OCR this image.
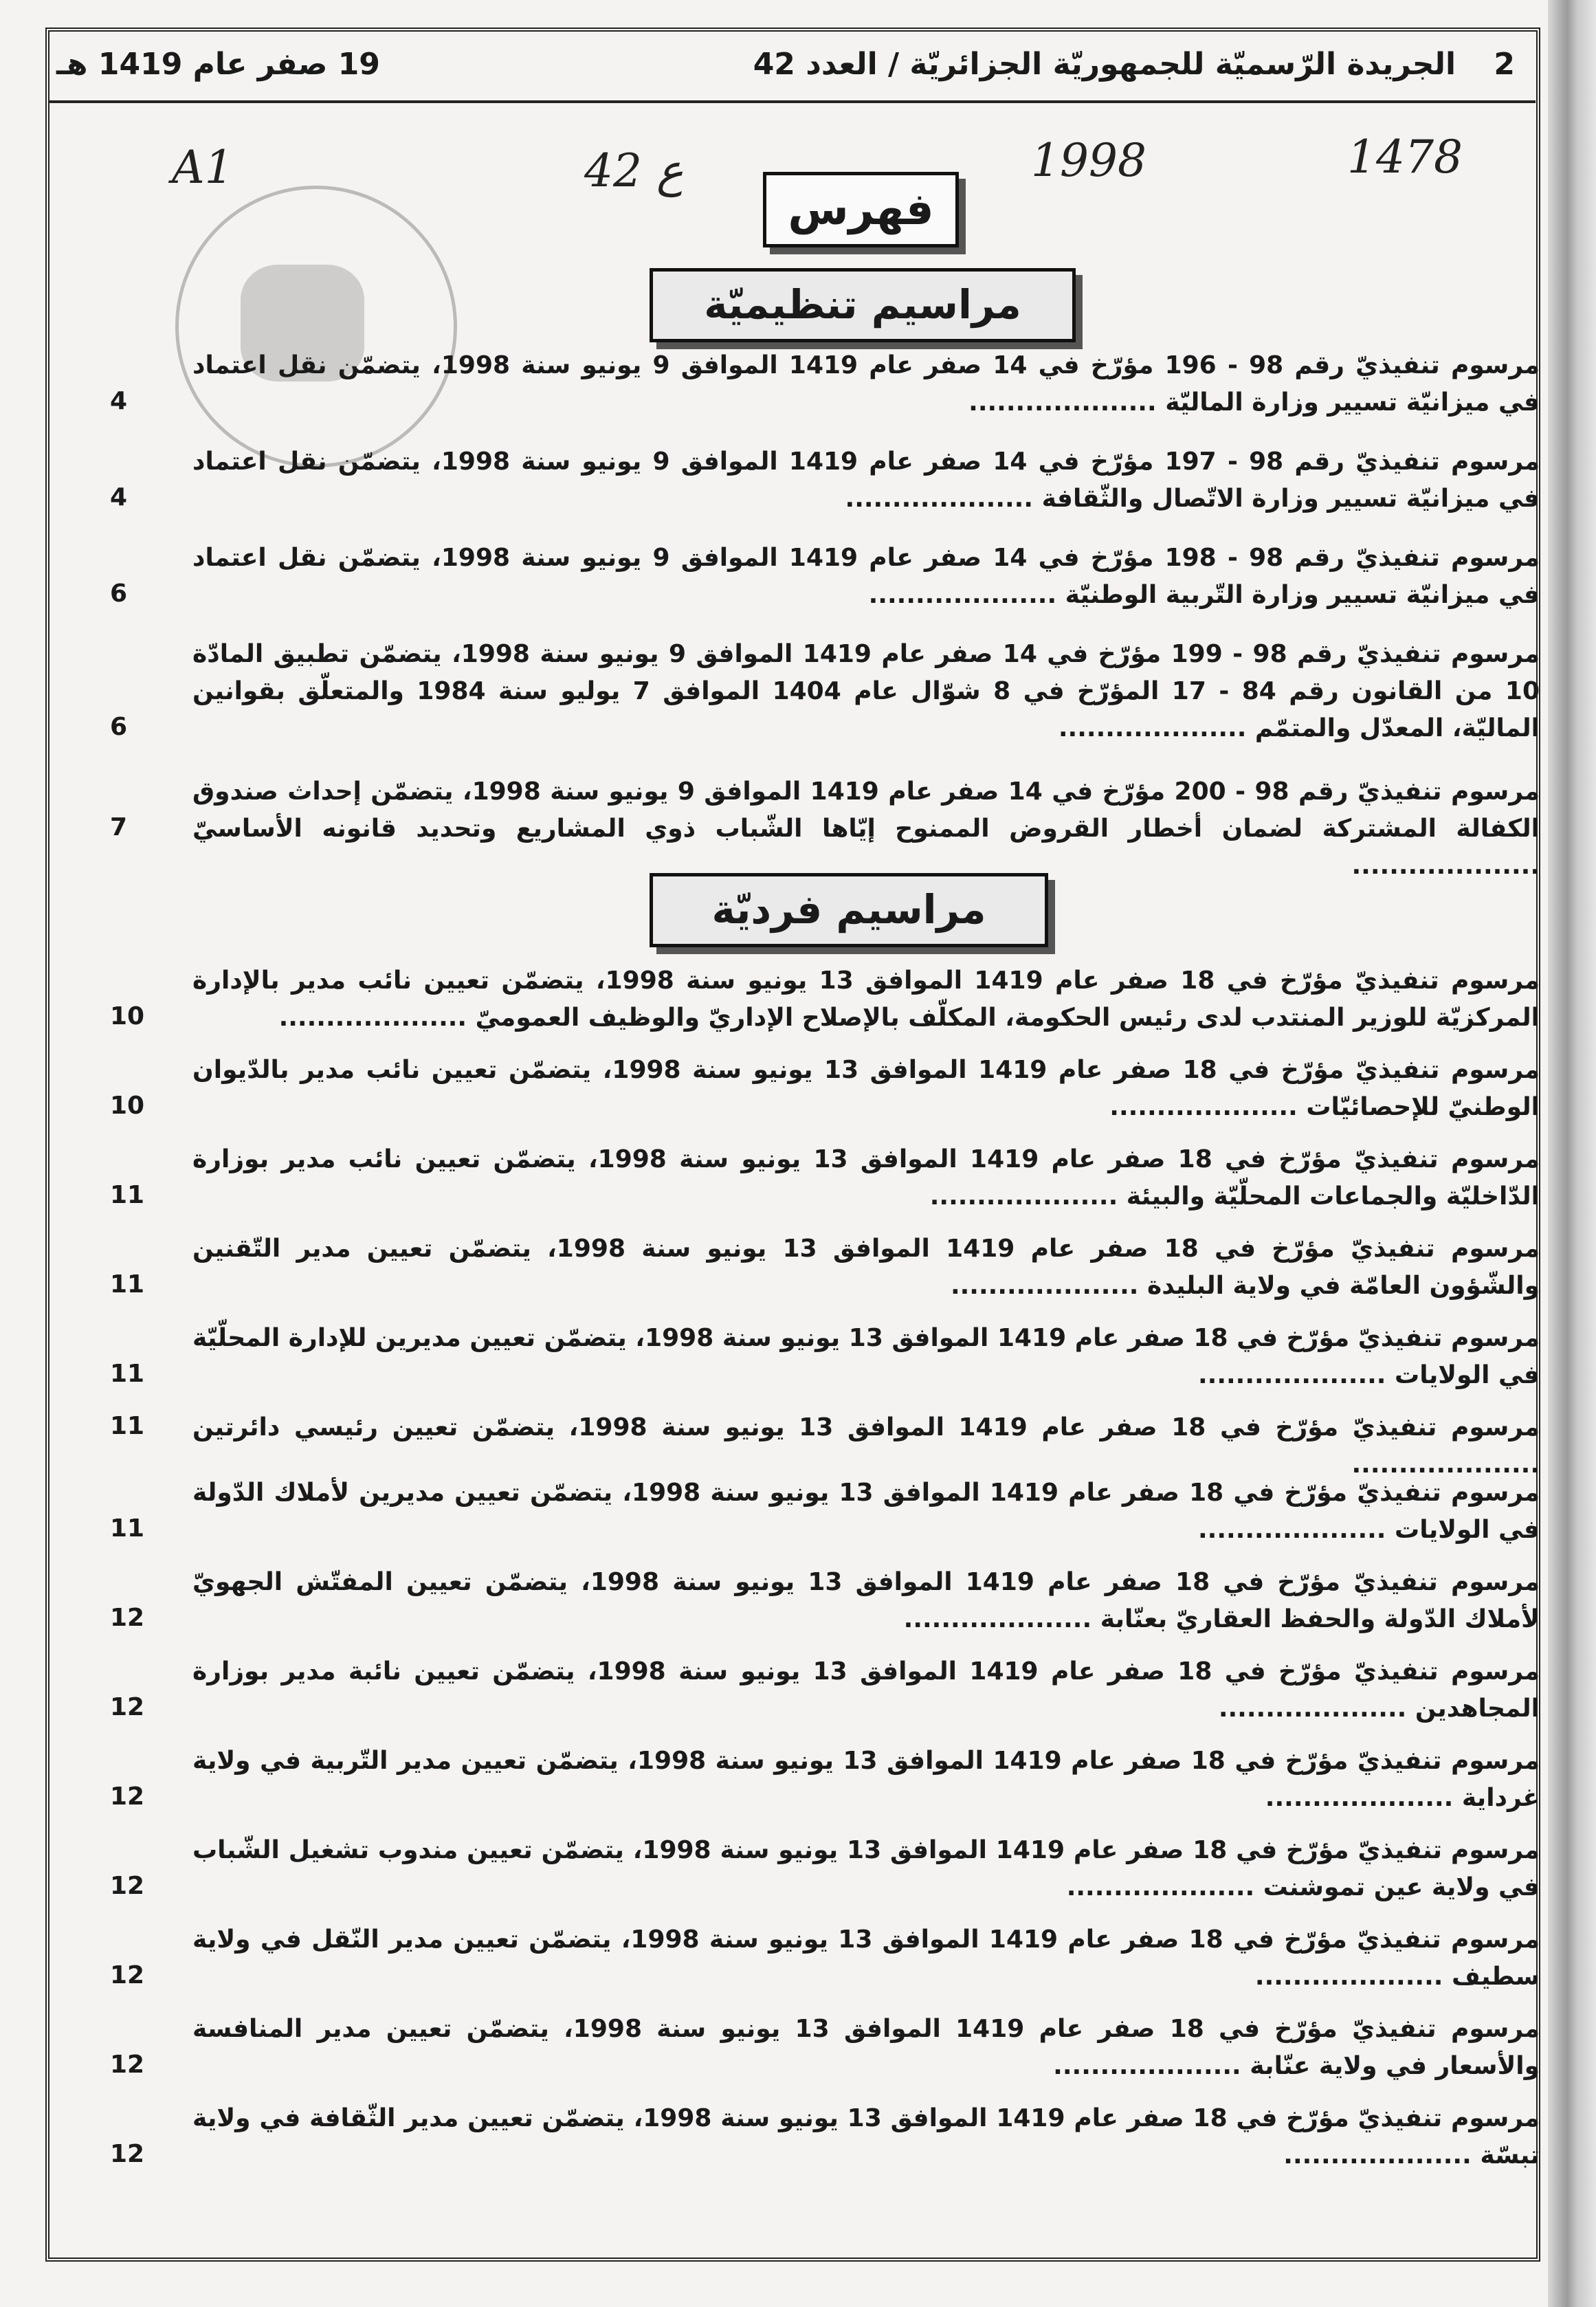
2 الجريدة الرّسميّة للجمهوريّة الجزائريّة / العدد 42
19 صفر عام 1419 هـ
A1	42 ع	1998	1478
فهرس
مراسيم تنظيميّة
مراسيم فرديّة
مرسوم تنفيذيّ رقم 98 - 196 مؤرّخ في 14 صفر عام 1419 الموافق 9 يونيو سنة 1998، يتضمّن نقل اعتماد في ميزانيّة تسيير وزارة الماليّة ....................
4
مرسوم تنفيذيّ رقم 98 - 197 مؤرّخ في 14 صفر عام 1419 الموافق 9 يونيو سنة 1998، يتضمّن نقل اعتماد في ميزانيّة تسيير وزارة الاتّصال والثّقافة ....................
4
مرسوم تنفيذيّ رقم 98 - 198 مؤرّخ في 14 صفر عام 1419 الموافق 9 يونيو سنة 1998، يتضمّن نقل اعتماد في ميزانيّة تسيير وزارة التّربية الوطنيّة ....................
6
مرسوم تنفيذيّ رقم 98 - 199 مؤرّخ في 14 صفر عام 1419 الموافق 9 يونيو سنة 1998، يتضمّن تطبيق المادّة 10 من القانون رقم 84 - 17 المؤرّخ في 8 شوّال عام 1404 الموافق 7 يوليو سنة 1984 والمتعلّق بقوانين الماليّة، المعدّل والمتمّم ....................
6
مرسوم تنفيذيّ رقم 98 - 200 مؤرّخ في 14 صفر عام 1419 الموافق 9 يونيو سنة 1998، يتضمّن إحداث صندوق الكفالة المشتركة لضمان أخطار القروض الممنوح إيّاها الشّباب ذوي المشاريع وتحديد قانونه الأساسيّ ....................
7
مرسوم تنفيذيّ مؤرّخ في 18 صفر عام 1419 الموافق 13 يونيو سنة 1998، يتضمّن تعيين نائب مدير بالإدارة المركزيّة للوزير المنتدب لدى رئيس الحكومة، المكلّف بالإصلاح الإداريّ والوظيف العموميّ ....................
10
مرسوم تنفيذيّ مؤرّخ في 18 صفر عام 1419 الموافق 13 يونيو سنة 1998، يتضمّن تعيين نائب مدير بالدّيوان الوطنيّ للإحصائيّات ....................
10
مرسوم تنفيذيّ مؤرّخ في 18 صفر عام 1419 الموافق 13 يونيو سنة 1998، يتضمّن تعيين نائب مدير بوزارة الدّاخليّة والجماعات المحلّيّة والبيئة ....................
11
مرسوم تنفيذيّ مؤرّخ في 18 صفر عام 1419 الموافق 13 يونيو سنة 1998، يتضمّن تعيين مدير التّقنين والشّؤون العامّة في ولاية البليدة ....................
11
مرسوم تنفيذيّ مؤرّخ في 18 صفر عام 1419 الموافق 13 يونيو سنة 1998، يتضمّن تعيين مديرين للإدارة المحلّيّة في الولايات ....................
11
مرسوم تنفيذيّ مؤرّخ في 18 صفر عام 1419 الموافق 13 يونيو سنة 1998، يتضمّن تعيين رئيسي دائرتين ....................
11
مرسوم تنفيذيّ مؤرّخ في 18 صفر عام 1419 الموافق 13 يونيو سنة 1998، يتضمّن تعيين مديرين لأملاك الدّولة في الولايات ....................
11
مرسوم تنفيذيّ مؤرّخ في 18 صفر عام 1419 الموافق 13 يونيو سنة 1998، يتضمّن تعيين المفتّش الجهويّ لأملاك الدّولة والحفظ العقاريّ بعنّابة ....................
12
مرسوم تنفيذيّ مؤرّخ في 18 صفر عام 1419 الموافق 13 يونيو سنة 1998، يتضمّن تعيين نائبة مدير بوزارة المجاهدين ....................
12
مرسوم تنفيذيّ مؤرّخ في 18 صفر عام 1419 الموافق 13 يونيو سنة 1998، يتضمّن تعيين مدير التّربية في ولاية غرداية ....................
12
مرسوم تنفيذيّ مؤرّخ في 18 صفر عام 1419 الموافق 13 يونيو سنة 1998، يتضمّن تعيين مندوب تشغيل الشّباب في ولاية عين تموشنت ....................
12
مرسوم تنفيذيّ مؤرّخ في 18 صفر عام 1419 الموافق 13 يونيو سنة 1998، يتضمّن تعيين مدير النّقل في ولاية سطيف ....................
12
مرسوم تنفيذيّ مؤرّخ في 18 صفر عام 1419 الموافق 13 يونيو سنة 1998، يتضمّن تعيين مدير المنافسة والأسعار في ولاية عنّابة ....................
12
مرسوم تنفيذيّ مؤرّخ في 18 صفر عام 1419 الموافق 13 يونيو سنة 1998، يتضمّن تعيين مدير الثّقافة في ولاية تبسّة ....................
12
